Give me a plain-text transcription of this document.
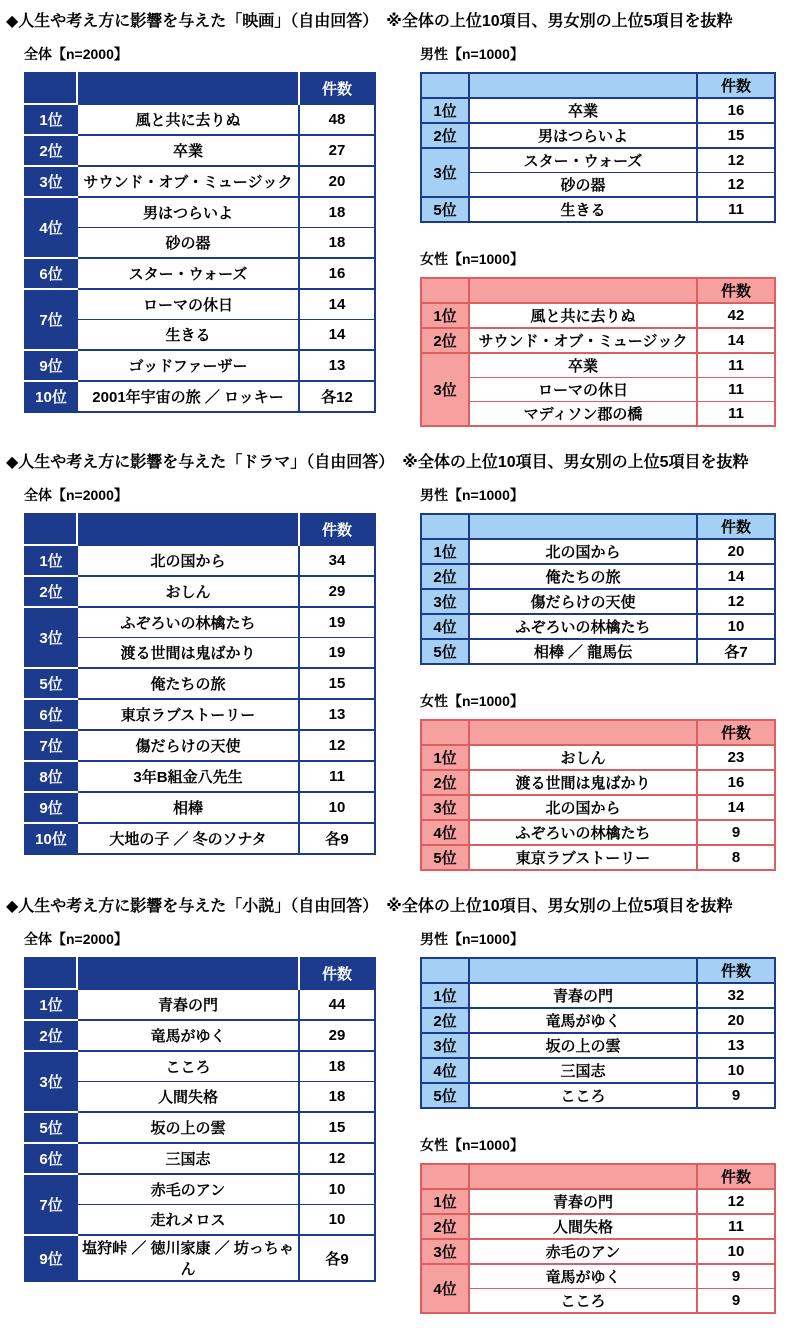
◆人生や考え方に影響を与えた「映画」（自由回答）　※全体の上位10項目、男女別の上位5項目を抜粋
全体【n=2000】
		件数
1位	風と共に去りぬ	48
2位	卒業	27
3位	サウンド・オブ・ミュージック	20
4位	男はつらいよ	18
	砂の器	18
6位	スター・ウォーズ	16
7位	ローマの休日	14
	生きる	14
9位	ゴッドファーザー	13
10位	2001年宇宙の旅 ／ ロッキー	各12
男性【n=1000】
		件数
1位	卒業	16
2位	男はつらいよ	15
3位	スター・ウォーズ	12
	砂の器	12
5位	生きる	11
女性【n=1000】
		件数
1位	風と共に去りぬ	42
2位	サウンド・オブ・ミュージック	14
3位	卒業	11
	ローマの休日	11
	マディソン郡の橋	11
◆人生や考え方に影響を与えた「ドラマ」（自由回答）　※全体の上位10項目、男女別の上位5項目を抜粋
全体【n=2000】
		件数
1位	北の国から	34
2位	おしん	29
3位	ふぞろいの林檎たち	19
	渡る世間は鬼ばかり	19
5位	俺たちの旅	15
6位	東京ラブストーリー	13
7位	傷だらけの天使	12
8位	3年B組金八先生	11
9位	相棒	10
10位	大地の子 ／ 冬のソナタ	各9
男性【n=1000】
		件数
1位	北の国から	20
2位	俺たちの旅	14
3位	傷だらけの天使	12
4位	ふぞろいの林檎たち	10
5位	相棒 ／ 龍馬伝	各7
女性【n=1000】
		件数
1位	おしん	23
2位	渡る世間は鬼ばかり	16
3位	北の国から	14
4位	ふぞろいの林檎たち	9
5位	東京ラブストーリー	8
◆人生や考え方に影響を与えた「小説」（自由回答）　※全体の上位10項目、男女別の上位5項目を抜粋
全体【n=2000】
		件数
1位	青春の門	44
2位	竜馬がゆく	29
3位	こころ	18
	人間失格	18
5位	坂の上の雲	15
6位	三国志	12
7位	赤毛のアン	10
	走れメロス	10
9位	塩狩峠 ／ 徳川家康 ／ 坊っちゃん	各9
男性【n=1000】
		件数
1位	青春の門	32
2位	竜馬がゆく	20
3位	坂の上の雲	13
4位	三国志	10
5位	こころ	9
女性【n=1000】
		件数
1位	青春の門	12
2位	人間失格	11
3位	赤毛のアン	10
4位	竜馬がゆく	9
	こころ	9
